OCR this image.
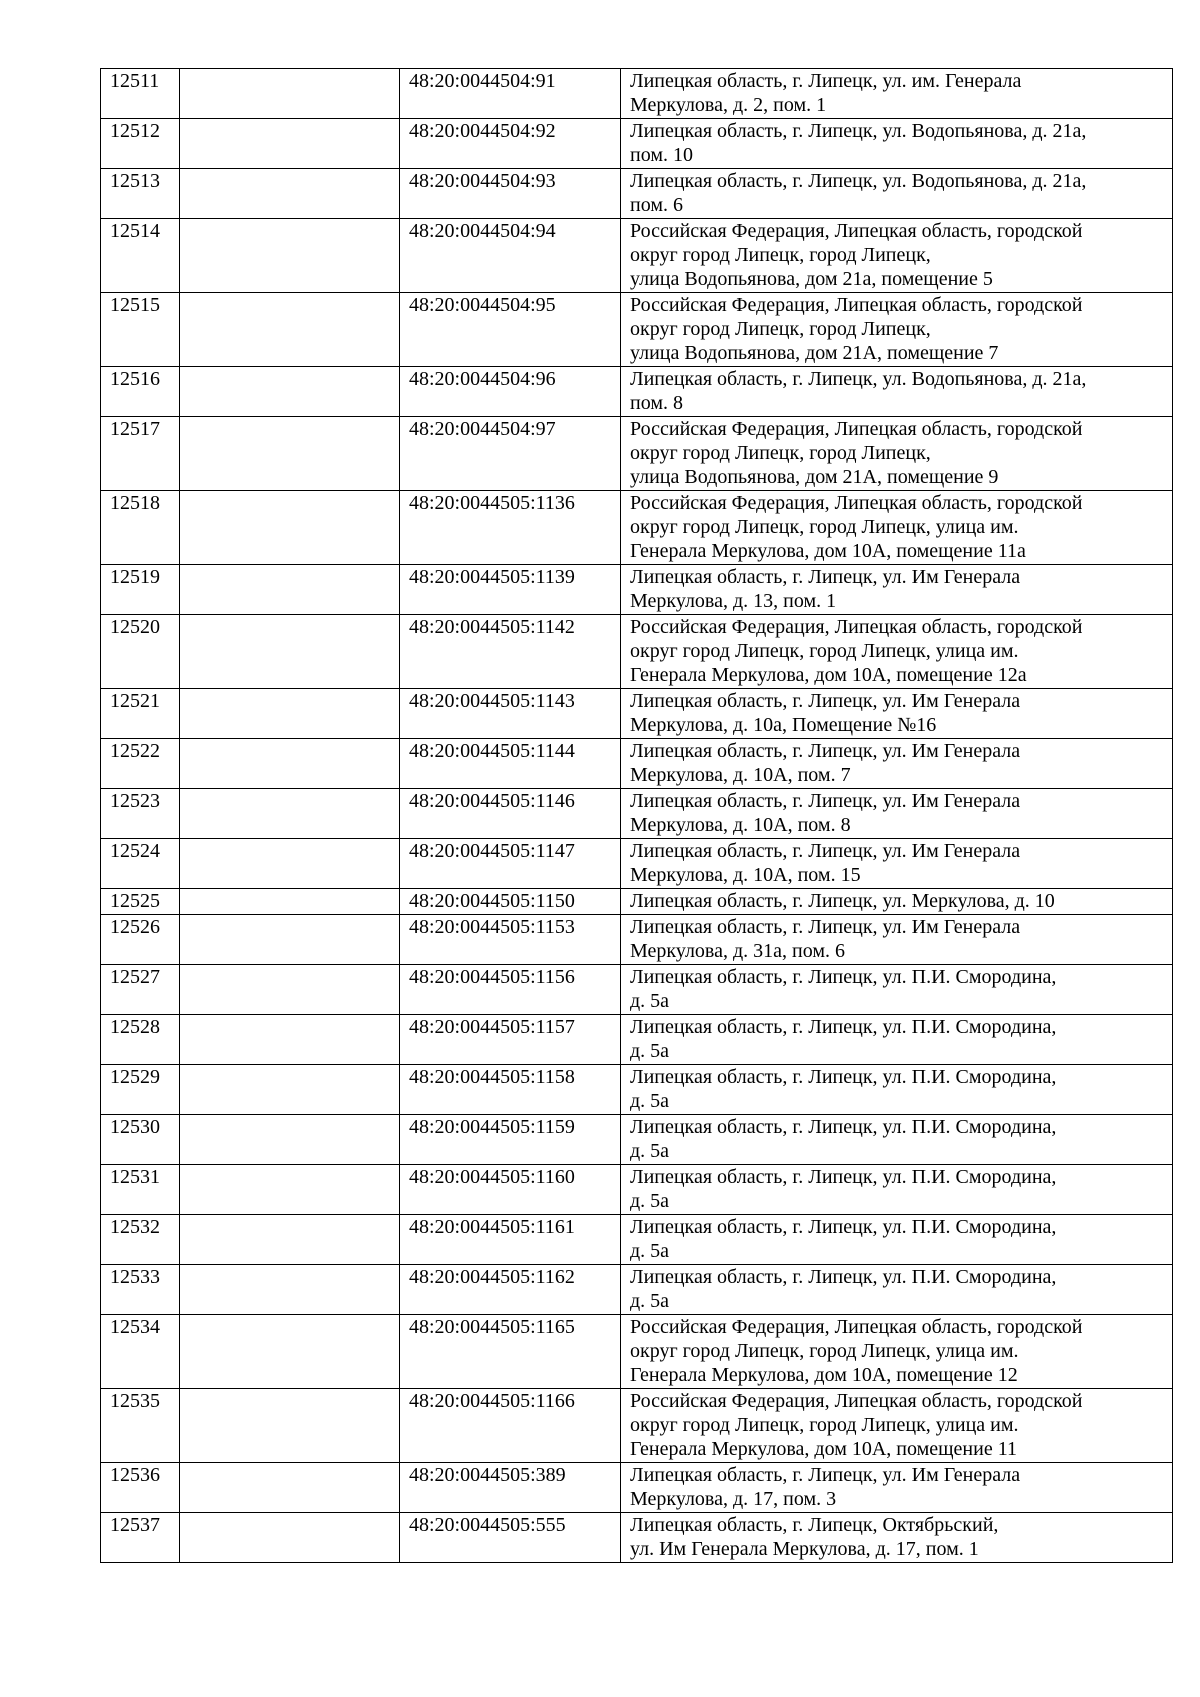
12511		48:20:0044504:91	Липецкая область, г. Липецк, ул. им. Генерала
Меркулова, д. 2, пом. 1

12512		48:20:0044504:92	Липецкая область, г. Липецк, ул. Водопьянова, д. 21а,
пом. 10

12513		48:20:0044504:93	Липецкая область, г. Липецк, ул. Водопьянова, д. 21а,
пом. 6

12514		48:20:0044504:94	Российская Федерация, Липецкая область, городской
округ город Липецк, город Липецк,
улица Водопьянова, дом 21а, помещение 5

12515		48:20:0044504:95	Российская Федерация, Липецкая область, городской
округ город Липецк, город Липецк,
улица Водопьянова, дом 21А, помещение 7

12516		48:20:0044504:96	Липецкая область, г. Липецк, ул. Водопьянова, д. 21а,
пом. 8

12517		48:20:0044504:97	Российская Федерация, Липецкая область, городской
округ город Липецк, город Липецк,
улица Водопьянова, дом 21А, помещение 9

12518		48:20:0044505:1136	Российская Федерация, Липецкая область, городской
округ город Липецк, город Липецк, улица им.
Генерала Меркулова, дом 10А, помещение 11а

12519		48:20:0044505:1139	Липецкая область, г. Липецк, ул. Им Генерала
Меркулова, д. 13, пом. 1

12520		48:20:0044505:1142	Российская Федерация, Липецкая область, городской
округ город Липецк, город Липецк, улица им.
Генерала Меркулова, дом 10А, помещение 12а

12521		48:20:0044505:1143	Липецкая область, г. Липецк, ул. Им Генерала
Меркулова, д. 10а, Помещение №16

12522		48:20:0044505:1144	Липецкая область, г. Липецк, ул. Им Генерала
Меркулова, д. 10А, пом. 7

12523		48:20:0044505:1146	Липецкая область, г. Липецк, ул. Им Генерала
Меркулова, д. 10А, пом. 8

12524		48:20:0044505:1147	Липецкая область, г. Липецк, ул. Им Генерала
Меркулова, д. 10А, пом. 15

12525		48:20:0044505:1150	Липецкая область, г. Липецк, ул. Меркулова, д. 10

12526		48:20:0044505:1153	Липецкая область, г. Липецк, ул. Им Генерала
Меркулова, д. 31а, пом. 6

12527		48:20:0044505:1156	Липецкая область, г. Липецк, ул. П.И. Смородина,
д. 5а

12528		48:20:0044505:1157	Липецкая область, г. Липецк, ул. П.И. Смородина,
д. 5а

12529		48:20:0044505:1158	Липецкая область, г. Липецк, ул. П.И. Смородина,
д. 5а

12530		48:20:0044505:1159	Липецкая область, г. Липецк, ул. П.И. Смородина,
д. 5а

12531		48:20:0044505:1160	Липецкая область, г. Липецк, ул. П.И. Смородина,
д. 5а

12532		48:20:0044505:1161	Липецкая область, г. Липецк, ул. П.И. Смородина,
д. 5а

12533		48:20:0044505:1162	Липецкая область, г. Липецк, ул. П.И. Смородина,
д. 5а

12534		48:20:0044505:1165	Российская Федерация, Липецкая область, городской
округ город Липецк, город Липецк, улица им.
Генерала Меркулова, дом 10А, помещение 12

12535		48:20:0044505:1166	Российская Федерация, Липецкая область, городской
округ город Липецк, город Липецк, улица им.
Генерала Меркулова, дом 10А, помещение 11

12536		48:20:0044505:389	Липецкая область, г. Липецк, ул. Им Генерала
Меркулова, д. 17, пом. 3

12537		48:20:0044505:555	Липецкая область, г. Липецк, Октябрьский,
ул. Им Генерала Меркулова, д. 17, пом. 1
